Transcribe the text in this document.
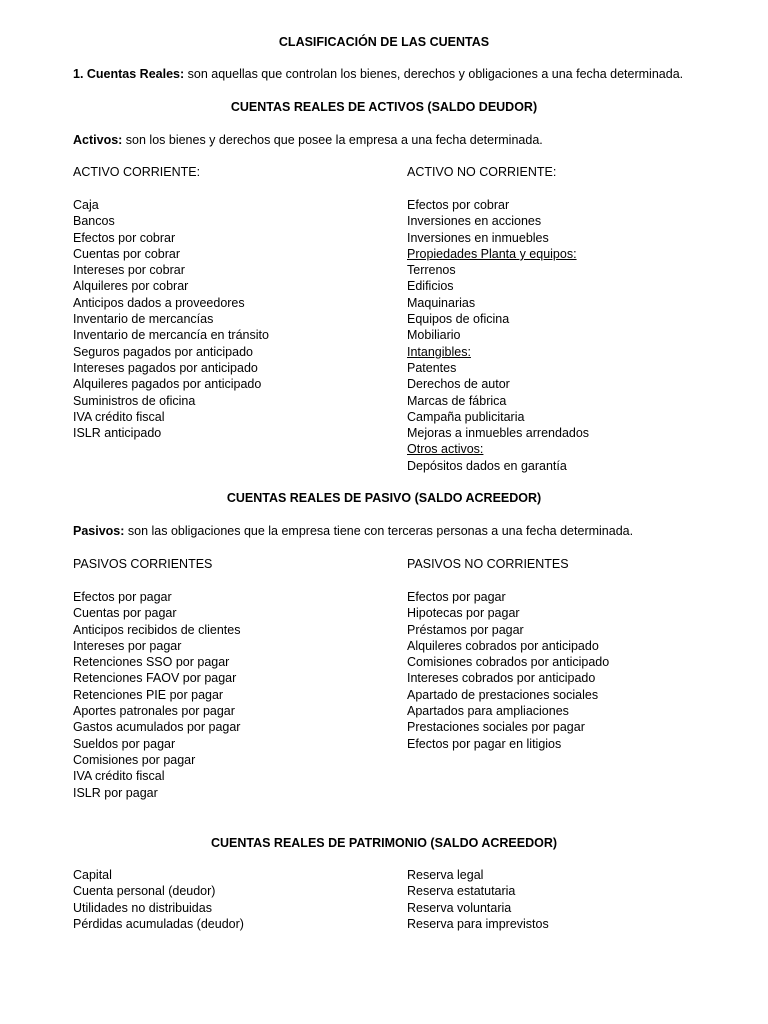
CLASIFICACIÓN DE LAS CUENTAS
1. Cuentas Reales: son aquellas que controlan los bienes, derechos y obligaciones a una fecha determinada.
CUENTAS REALES DE ACTIVOS (SALDO DEUDOR)
Activos: son los bienes y derechos que posee la empresa a una fecha determinada.
ACTIVO CORRIENTE:	ACTIVO NO CORRIENTE:
Caja
Bancos
Efectos por cobrar
Cuentas por cobrar
Intereses por cobrar
Alquileres por cobrar
Anticipos dados a proveedores
Inventario de mercancías
Inventario de mercancía en tránsito
Seguros pagados por anticipado
Intereses pagados por anticipado
Alquileres pagados por anticipado
Suministros de oficina
IVA crédito fiscal
ISLR anticipado
Efectos por cobrar
Inversiones en acciones
Inversiones en inmuebles
Propiedades Planta y equipos:
Terrenos
Edificios
Maquinarias
Equipos de oficina
Mobiliario
Intangibles:
Patentes
Derechos de autor
Marcas de fábrica
Campaña publicitaria
Mejoras a inmuebles arrendados
Otros activos:
Depósitos dados en garantía
CUENTAS REALES DE PASIVO (SALDO ACREEDOR)
Pasivos: son las obligaciones que la empresa tiene con terceras personas a una fecha determinada.
PASIVOS CORRIENTES	PASIVOS NO CORRIENTES
Efectos por pagar
Cuentas por pagar
Anticipos recibidos de clientes
Intereses por pagar
Retenciones SSO por pagar
Retenciones FAOV por pagar
Retenciones PIE por pagar
Aportes patronales por pagar
Gastos acumulados por pagar
Sueldos por pagar
Comisiones por pagar
IVA crédito fiscal
ISLR por pagar
Efectos por pagar
Hipotecas por pagar
Préstamos por pagar
Alquileres cobrados por anticipado
Comisiones cobrados por anticipado
Intereses cobrados por anticipado
Apartado de prestaciones sociales
Apartados para ampliaciones
Prestaciones sociales por pagar
Efectos por pagar en litigios
CUENTAS REALES DE PATRIMONIO (SALDO ACREEDOR)
Capital
Cuenta personal (deudor)
Utilidades no distribuidas
Pérdidas acumuladas (deudor)
Reserva legal
Reserva estatutaria
Reserva voluntaria
Reserva para imprevistos
